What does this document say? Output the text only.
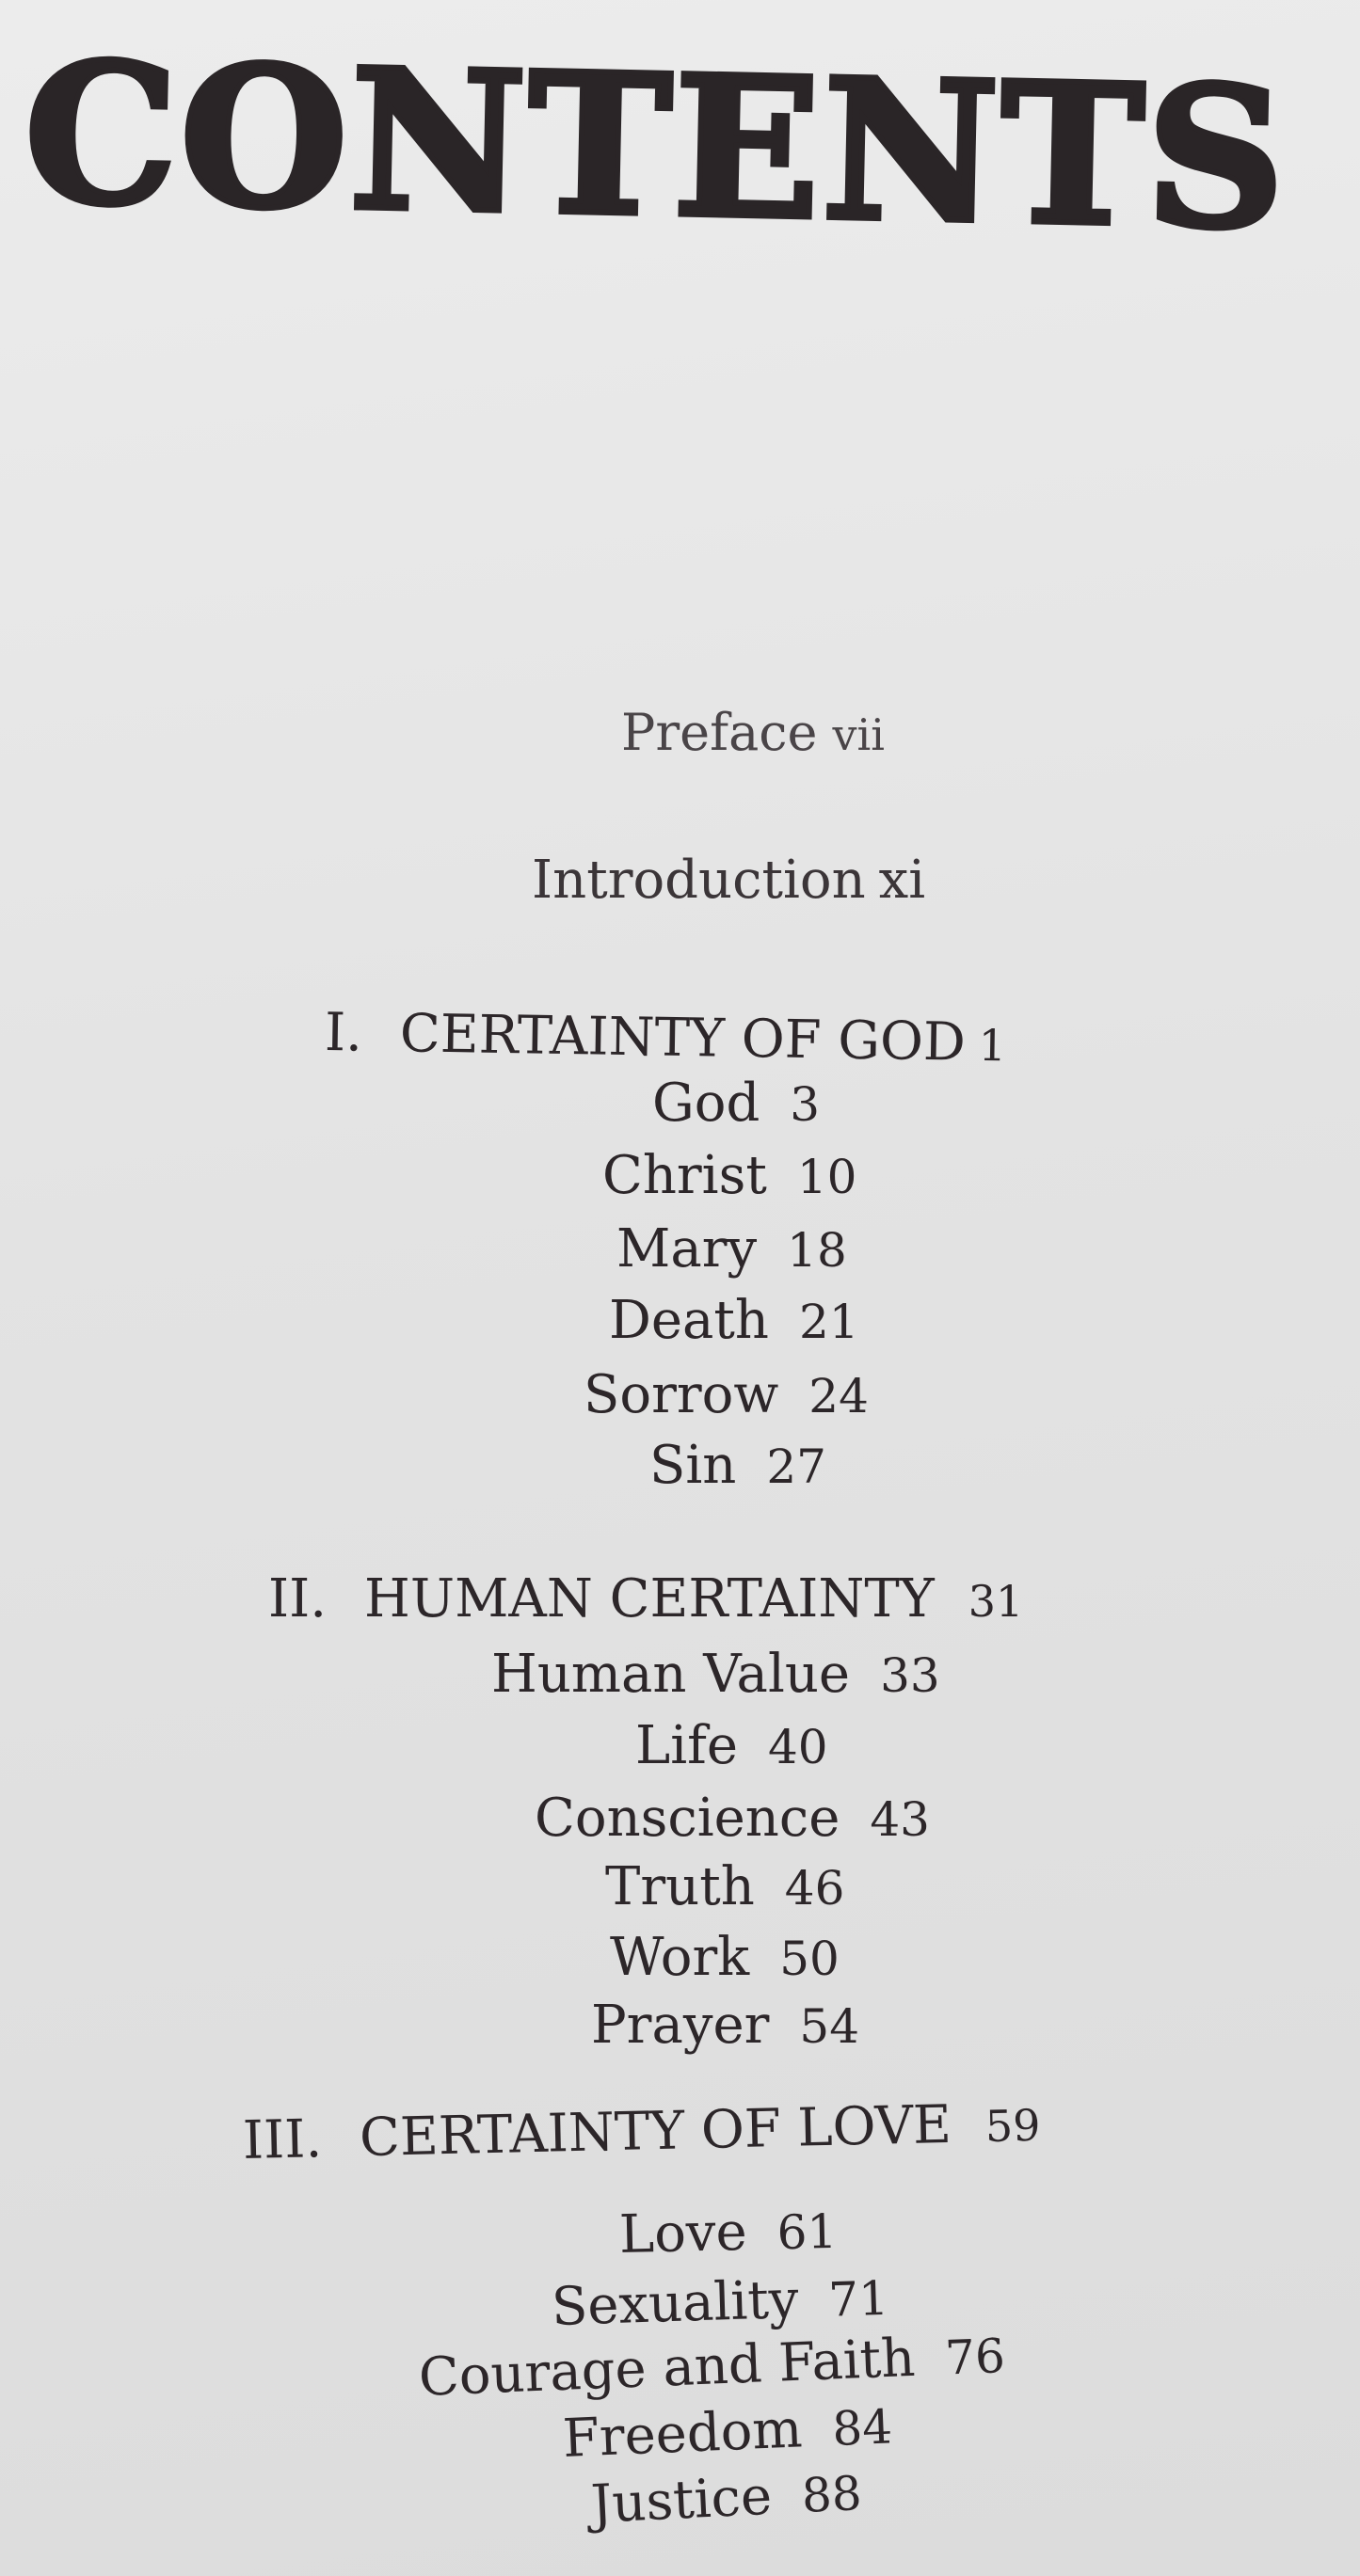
CONTENTS
Preface vii
Introduction xi
I. CERTAINTY OF GOD 1
God 3
Christ 10
Mary 18
Death 21
Sorrow 24
Sin 27
II. HUMAN CERTAINTY 31
Human Value 33
Life 40
Conscience 43
Truth 46
Work 50
Prayer 54
III. CERTAINTY OF LOVE 59
Love 61
Sexuality 71
Courage and Faith 76
Freedom 84
Justice 88
